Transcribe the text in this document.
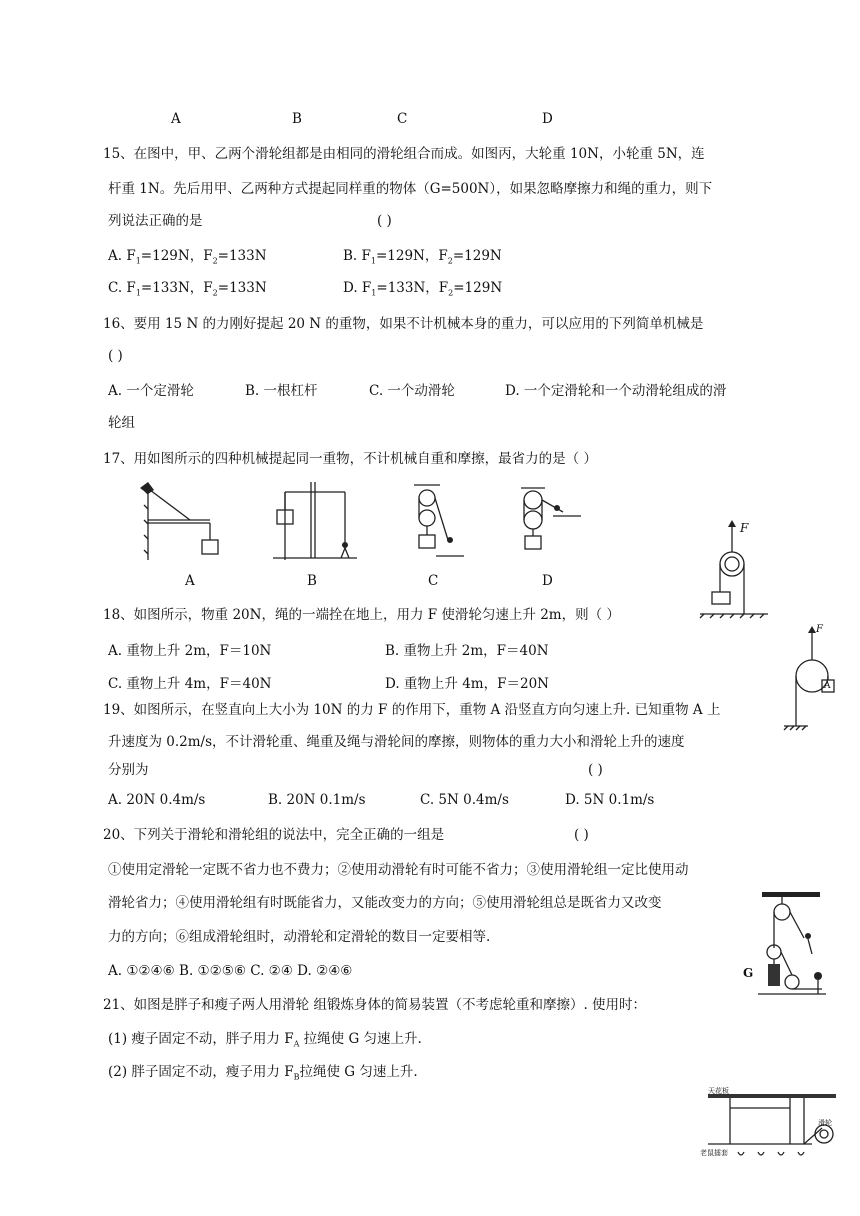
A	B	C	D
15、在图中，甲、乙两个滑轮组都是由相同的滑轮组合而成。如图丙，大轮重 10N，小轮重 5N，连
杆重 1N。先后用甲、乙两种方式提起同样重的物体（G=500N），如果忽略摩擦力和绳的重力，则下
列说法正确的是	( )
A. $F_1=129N$，$F_2=133N$	B. $F_1=129N$，$F_2=129N$
C. $F_1=133N$，$F_2=133N$	D. $F_1=133N$，$F_2=129N$
16、要用 15 N 的力刚好提起 20 N 的重物，如果不计机械本身的重力，可以应用的下列简单机械是
( )
A. 一个定滑轮	B. 一根杠杆	C. 一个动滑轮	D. 一个定滑轮和一个动滑轮组成的滑
轮组
17、用如图所示的四种机械提起同一重物，不计机械自重和摩擦，最省力的是（ ）
A	B	C	D
F
18、如图所示，物重 20N，绳的一端拴在地上，用力 F 使滑轮匀速上升 2m，则（ ）
A. 重物上升 2m，F＝10N	B. 重物上升 2m，F＝40N
C. 重物上升 4m，F＝40N	D. 重物上升 4m，F＝20N
F
A
19、如图所示，在竖直向上大小为 10N 的力 F 的作用下，重物 A 沿竖直方向匀速上升. 已知重物 A 上
升速度为 0.2m/s，不计滑轮重、绳重及绳与滑轮间的摩擦，则物体的重力大小和滑轮上升的速度
分别为	( )
A. 20N 0.4m/s	B. 20N 0.1m/s	C. 5N 0.4m/s	D. 5N 0.1m/s
20、下列关于滑轮和滑轮组的说法中，完全正确的一组是	( )
①使用定滑轮一定既不省力也不费力；②使用动滑轮有时可能不省力；③使用滑轮组一定比使用动
滑轮省力；④使用滑轮组有时既能省力，又能改变力的方向；⑤使用滑轮组总是既省力又改变
力的方向；⑥组成滑轮组时，动滑轮和定滑轮的数目一定要相等.
A. ①②④⑥ B. ①②⑤⑥ C. ②④ D. ②④⑥	G
21、如图是胖子和瘦子两人用滑轮 组锻炼身体的简易装置（不考虑轮重和摩擦）. 使用时：
(1) 瘦子固定不动，胖子用力 $F_A$ 拉绳使 G 匀速上升.
(2) 胖子固定不动，瘦子用力 $F_B$拉绳使 G 匀速上升.
天花板
老鼠擂套
滑轮
